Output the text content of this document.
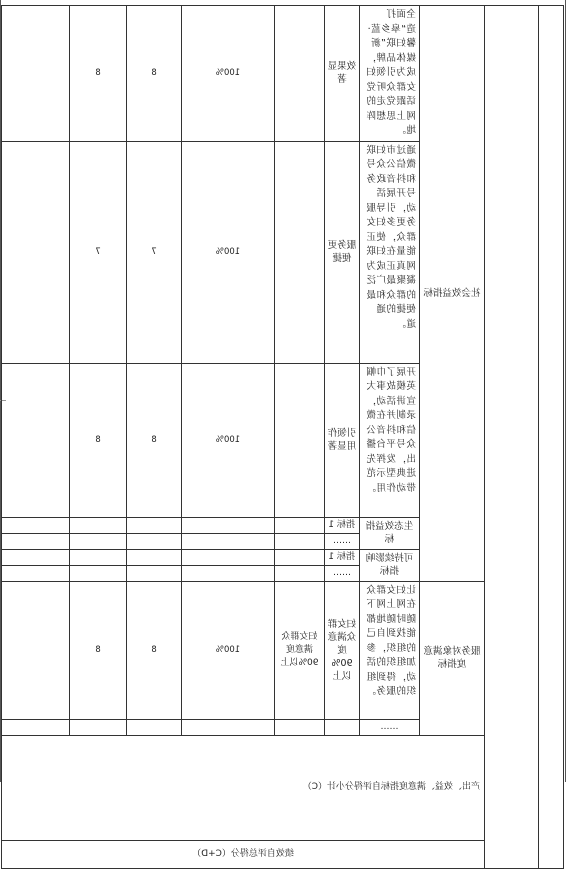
		社会效益指标	全面打造“皋乡蓝·馨妇联”新媒体品牌，成为引领妇女群众听党话跟党走的网上思想阵地。	效果显著		100%	8	8		
			通过市妇联微信公众号和抖音政务号开展活动，引导服务更多妇女群众，使正能量在妇联网真正成为凝聚最广泛的群众和最便捷的通道。	服务更便捷		100%	7	7		
			开展了巾帼英模故事大宣讲活动，录制并在微信和抖音公众号平台播出，发挥先进典型示范带动作用。	引领作用显著		100%	8	8		
			生态效益指标	指标 1						
				……						
			可持续影响指标	指标 1						
				……						
		服务对象满意度指标	让妇女群众在网上网下随时随地都能找到自己的组织，参加组织的活动，得到组织的服务。	妇女群众满意度90%以上	妇女群众满意度90%以上	100%	8	8		
			……							
		产出、效益、满意度指标自评得分小计（C）	
		绩效自评总得分（C+D）	
